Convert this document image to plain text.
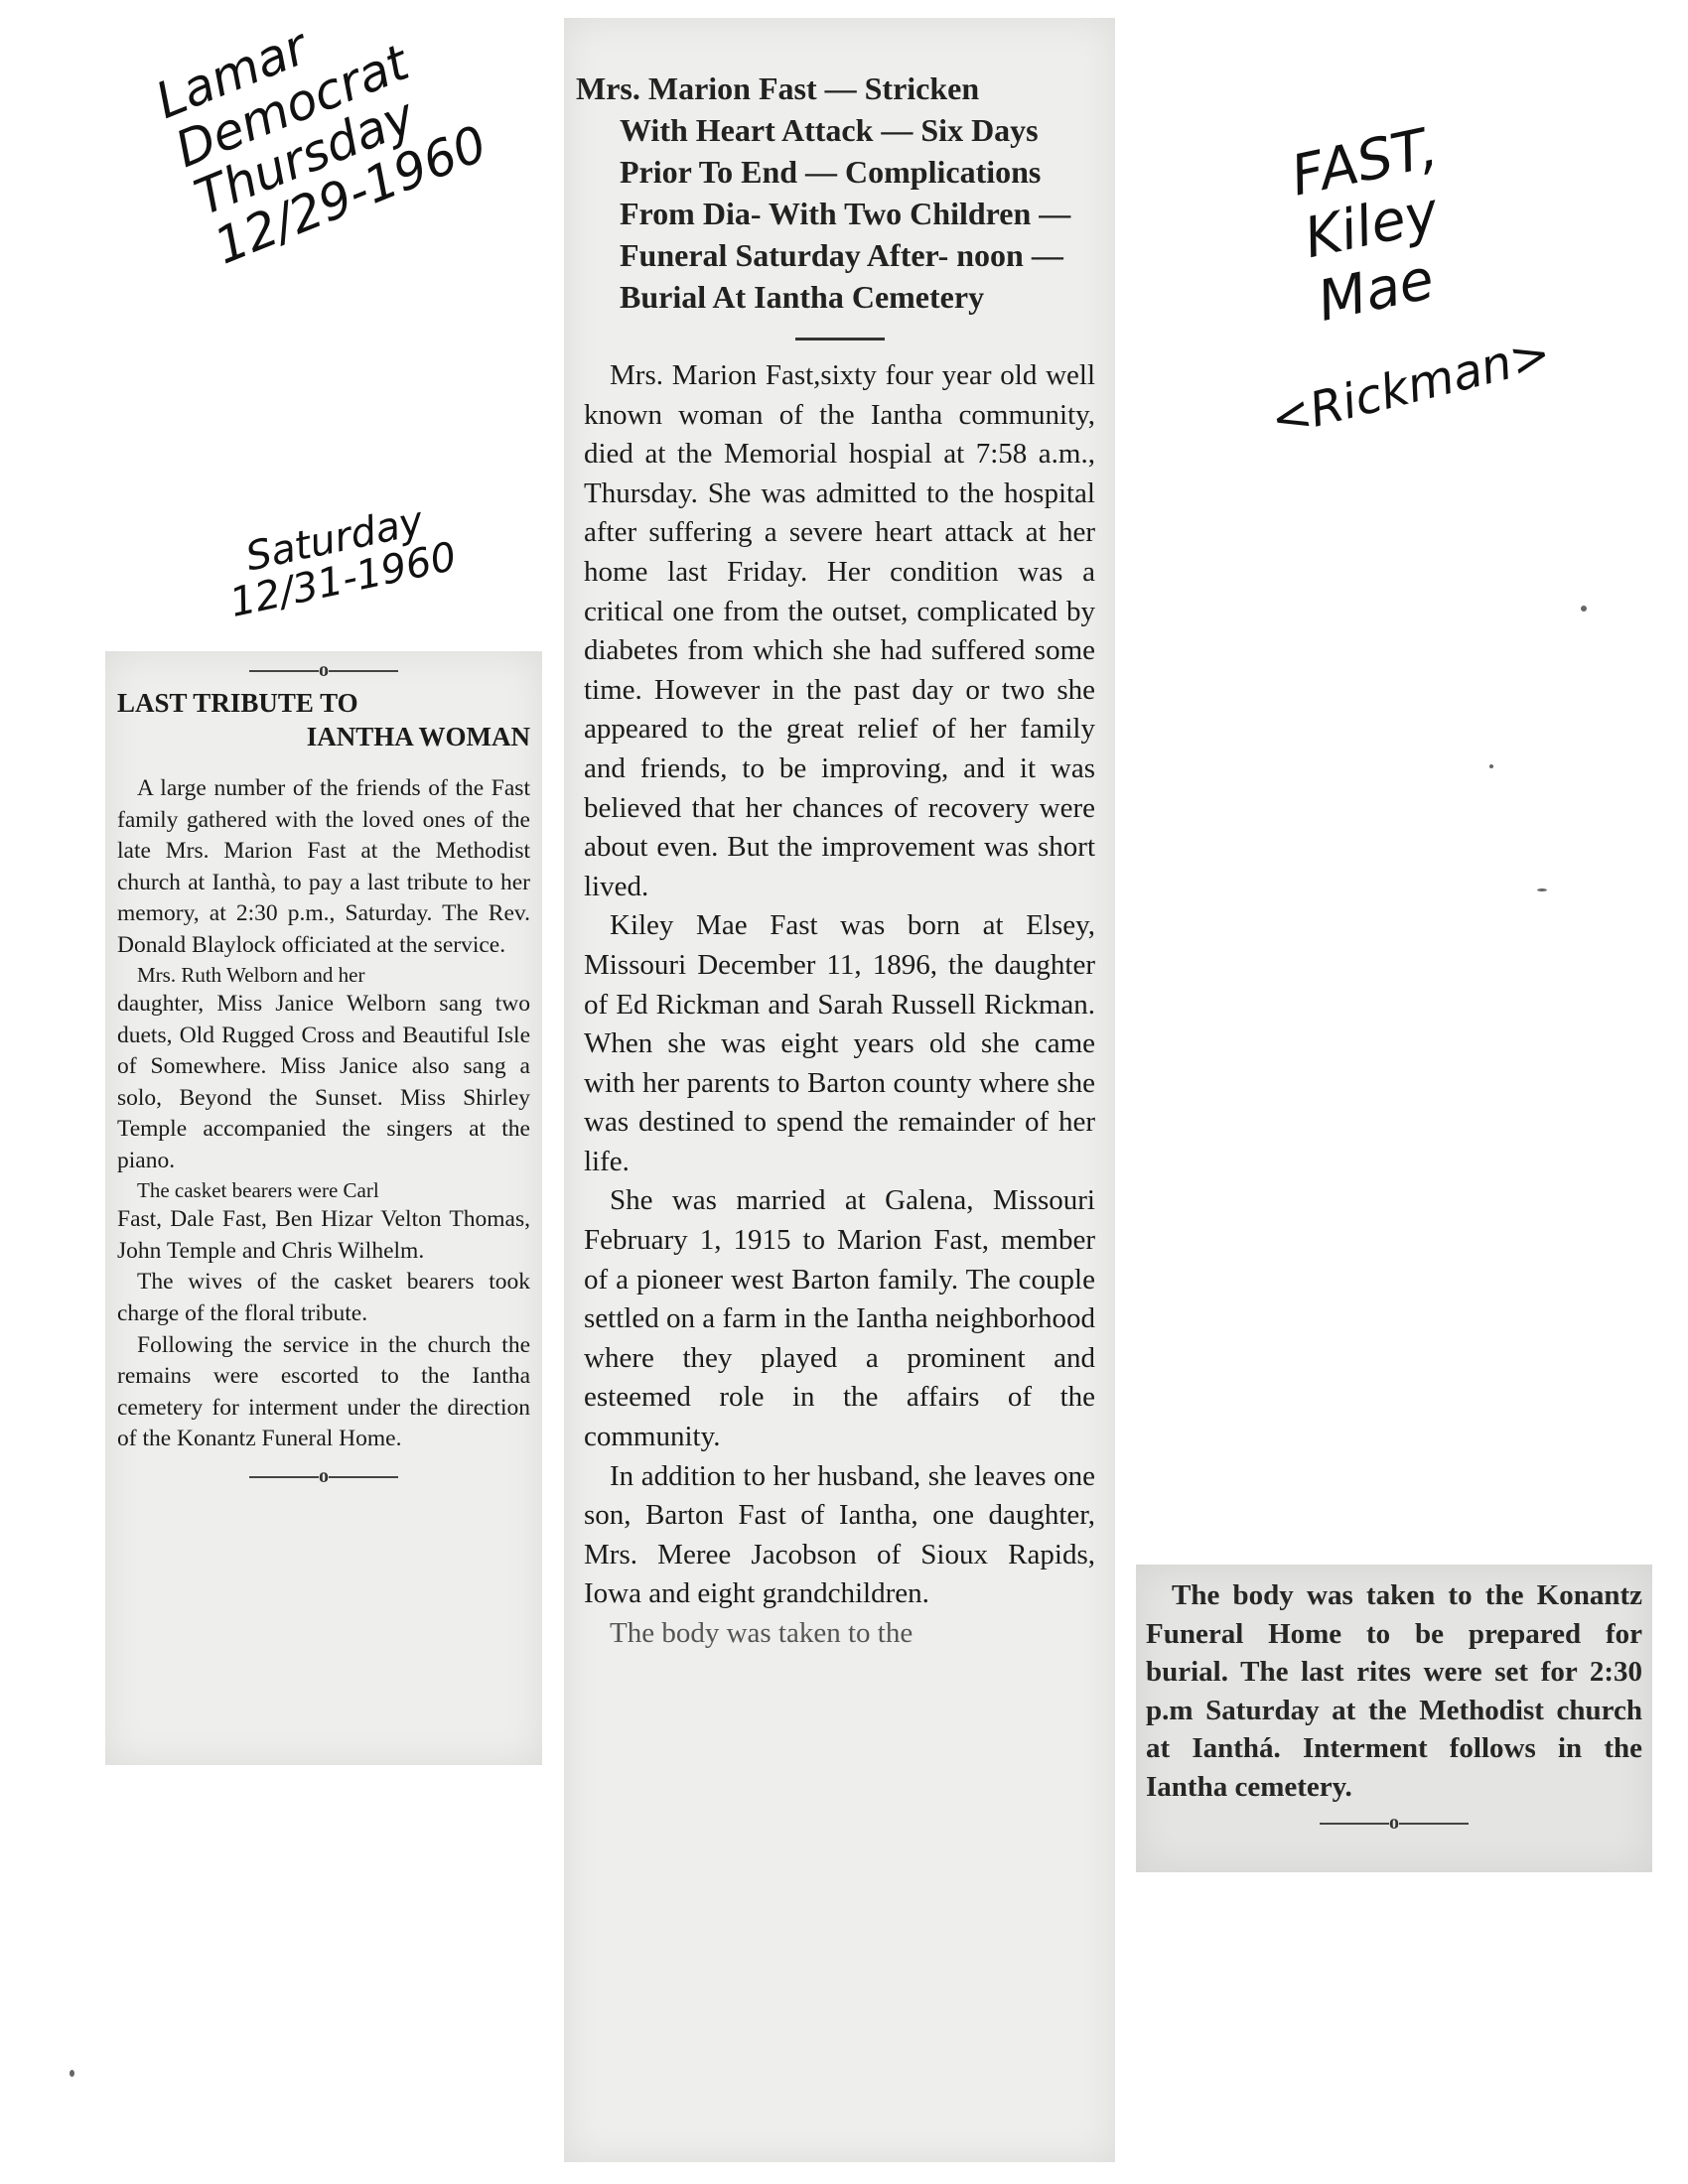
Lamar
Democrat
Thursday
12/29-1960
Saturday
12/31-1960
FAST,
Kiley
Mae
<Rickman>
Mrs. Marion Fast — Stricken
With Heart Attack — Six Days Prior To End — Complications From Dia- With Two Children — Funeral Saturday After- noon — Burial At Iantha Cemetery

Mrs. Marion Fast,sixty four year old well known woman of the Iantha community, died at the Memorial hospial at 7:58 a.m., Thursday. She was admitted to the hospital after suffering a severe heart attack at her home last Friday. Her condition was a critical one from the outset, complicated by diabetes from which she had suffered some time. However in the past day or two she appeared to the great relief of her family and friends, to be improving, and it was believed that her chances of recovery were about even. But the improvement was short lived.

Kiley Mae Fast was born at Elsey, Missouri December 11, 1896, the daughter of Ed Rickman and Sarah Russell Rickman. When she was eight years old she came with her parents to Barton county where she was destined to spend the remainder of her life.

She was married at Galena, Missouri February 1, 1915 to Marion Fast, member of a pioneer west Barton family. The couple settled on a farm in the Iantha neighborhood where they played a prominent and esteemed role in the affairs of the community.

In addition to her husband, she leaves one son, Barton Fast of Iantha, one daughter, Mrs. Meree Jacobson of Sioux Rapids, Iowa and eight grandchildren.

The body was taken to the

o
LAST TRIBUTE TO
IANTHA WOMAN

A large number of the friends of the Fast family gathered with the loved ones of the late Mrs. Marion Fast at the Methodist church at Ianthà, to pay a last tribute to her memory, at 2:30 p.m., Saturday. The Rev. Donald Blaylock officiated at the service.

Mrs. Ruth Welborn and her

daughter, Miss Janice Welborn sang two duets, Old Rugged Cross and Beautiful Isle of Somewhere. Miss Janice also sang a solo, Beyond the Sunset. Miss Shirley Temple accompanied the singers at the piano.

The casket bearers were Carl

Fast, Dale Fast, Ben Hizar Velton Thomas, John Temple and Chris Wilhelm.

The wives of the casket bearers took charge of the floral tribute.

Following the service in the church the remains were escorted to the Iantha cemetery for interment under the direction of the Konantz Funeral Home.

o

The body was taken to the Konantz Funeral Home to be prepared for burial. The last rites were set for 2:30 p.m Saturday at the Methodist church at Ianthá. Interment follows in the Iantha cemetery.

o
